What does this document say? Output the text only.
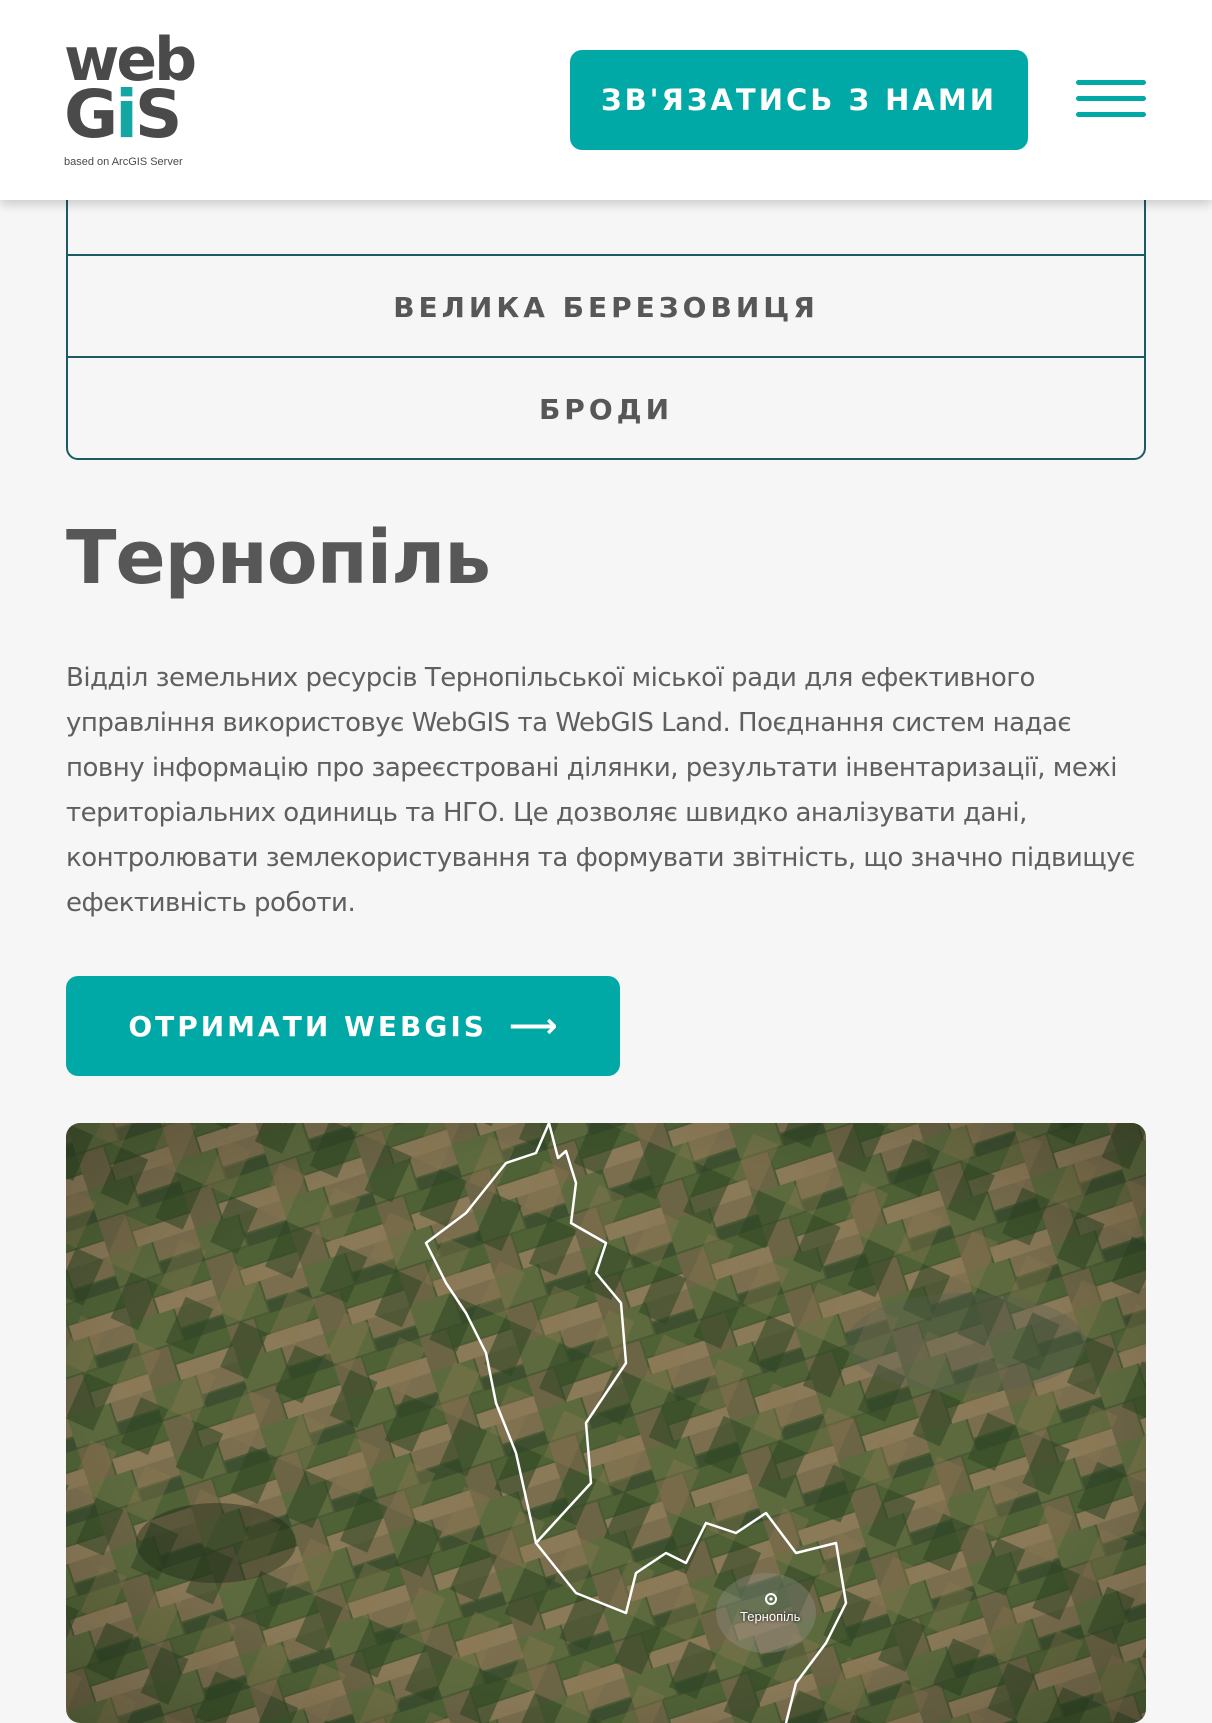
web
GiS
based on ArcGIS Server
ЗВ'ЯЗАТИСЬ З НАМИ
ВЕЛИКА БЕРЕЗОВИЦЯ
БРОДИ
Тернопіль

Відділ земельних ресурсів Тернопільської міської ради для ефективного управління використовує WebGIS та WebGIS Land. Поєднання систем надає повну інформацію про зареєстровані ділянки, результати інвентаризації, межі територіальних одиниць та НГО. Це дозволяє швидко аналізувати дані, контролювати землекористування та формувати звітність, що значно підвищує ефективність роботи.

ОТРИМАТИ WEBGIS ⟶
Тернопіль
